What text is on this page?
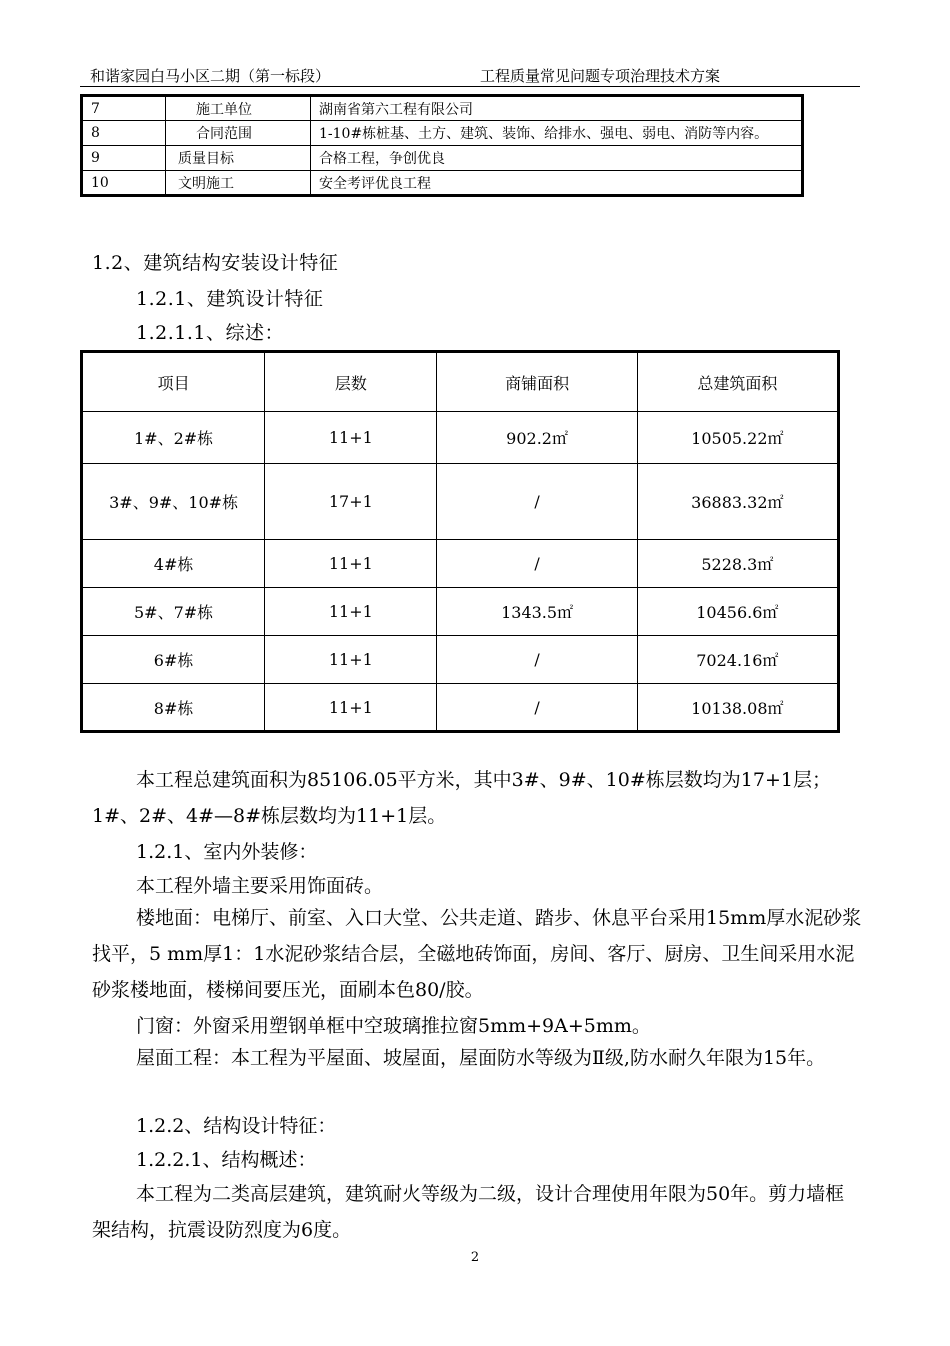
和谐家园白马小区二期（第一标段）	工程质量常见问题专项治理技术方案
7	施工单位	湖南省第六工程有限公司
8	合同范围	1-10#栋桩基、土方、建筑、装饰、给排水、强电、弱电、消防等内容。
9	质量目标	合格工程，争创优良
10	文明施工	安全考评优良工程
1.2、建筑结构安装设计特征
1.2.1、建筑设计特征
1.2.1.1、综述：
项目	层数	商铺面积	总建筑面积
1#、2#栋	11+1	902.2㎡	10505.22㎡
3#、9#、10#栋	17+1	/	36883.32㎡
4#栋	11+1	/	5228.3㎡
5#、7#栋	11+1	1343.5㎡	10456.6㎡
6#栋	11+1	/	7024.16㎡
8#栋	11+1	/	10138.08㎡
本工程总建筑面积为85106.05平方米，其中3#、9#、10#栋层数均为17+1层；1#、2#、4#—8#栋层数均为11+1层。
1.2.1、室内外装修：
本工程外墙主要采用饰面砖。
楼地面：电梯厅、前室、入口大堂、公共走道、踏步、休息平台采用15mm厚水泥砂浆找平，5 mm厚1：1水泥砂浆结合层，全磁地砖饰面，房间、客厅、厨房、卫生间采用水泥砂浆楼地面，楼梯间要压光，面刷本色80/胶。
门窗：外窗采用塑钢单框中空玻璃推拉窗5mm+9A+5mm。
屋面工程：本工程为平屋面、坡屋面，屋面防水等级为Ⅱ级,防水耐久年限为15年。
1.2.2、结构设计特征：
1.2.2.1、结构概述：
本工程为二类高层建筑，建筑耐火等级为二级，设计合理使用年限为50年。剪力墙框架结构，抗震设防烈度为6度。
2
